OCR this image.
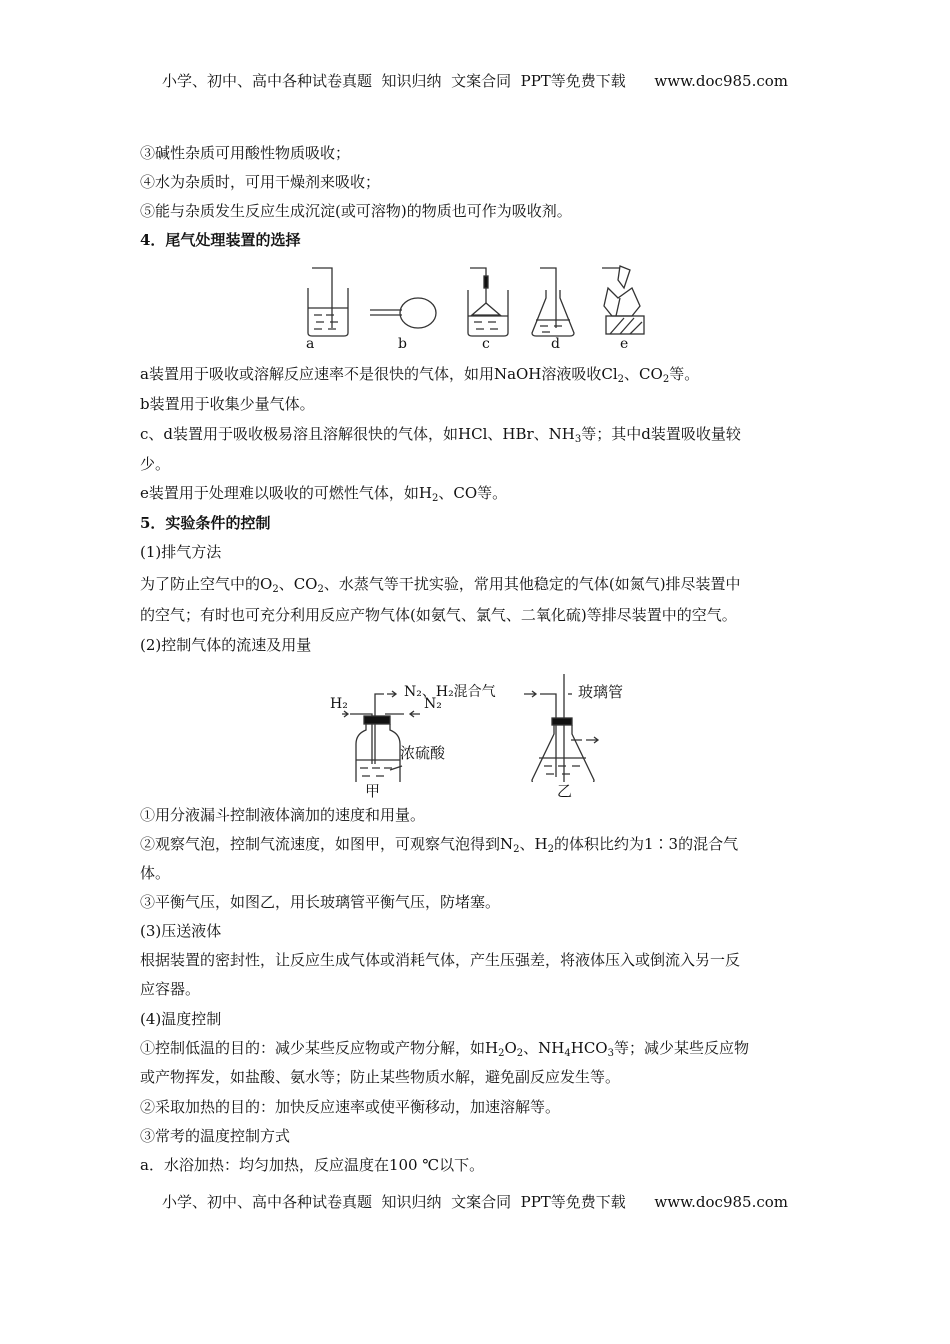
小学、初中、高中各种试卷真题  知识归纳  文案合同  PPT等免费下载      www.doc985.com
③碱性杂质可用酸性物质吸收；
④水为杂质时，可用干燥剂来吸收；
⑤能与杂质发生反应生成沉淀(或可溶物)的物质也可作为吸收剂。
4．尾气处理装置的选择
a装置用于吸收或溶解反应速率不是很快的气体，如用NaOH溶液吸收$Cl_2$、$CO_2$等。
b装置用于收集少量气体。
c、d装置用于吸收极易溶且溶解很快的气体，如HCl、HBr、$NH_3$等；其中d装置吸收量较
少。
e装置用于处理难以吸收的可燃性气体，如$H_2$、CO等。
5．实验条件的控制
(1)排气方法
为了防止空气中的$O_2$、$CO_2$、水蒸气等干扰实验，常用其他稳定的气体(如氮气)排尽装置中
的空气；有时也可充分利用反应产物气体(如氨气、氯气、二氧化硫)等排尽装置中的空气。
(2)控制气体的流速及用量
①用分液漏斗控制液体滴加的速度和用量。
②观察气泡，控制气流速度，如图甲，可观察气泡得到$N_2$、$H_2$的体积比约为1∶3的混合气
体。
③平衡气压，如图乙，用长玻璃管平衡气压，防堵塞。
(3)压送液体
根据装置的密封性，让反应生成气体或消耗气体，产生压强差，将液体压入或倒流入另一反
应容器。
(4)温度控制
①控制低温的目的：减少某些反应物或产物分解，如$H_2O_2$、$NH_4HCO_3$等；减少某些反应物
或产物挥发，如盐酸、氨水等；防止某些物质水解，避免副反应发生等。
②采取加热的目的：加快反应速率或使平衡移动，加速溶解等。
③常考的温度控制方式
a．水浴加热：均匀加热，反应温度在100 ℃以下。
a	b	c	d	e
H₂
N₂、H₂混合气
N₂
浓硫酸
甲
玻璃管
乙
小学、初中、高中各种试卷真题  知识归纳  文案合同  PPT等免费下载      www.doc985.com
